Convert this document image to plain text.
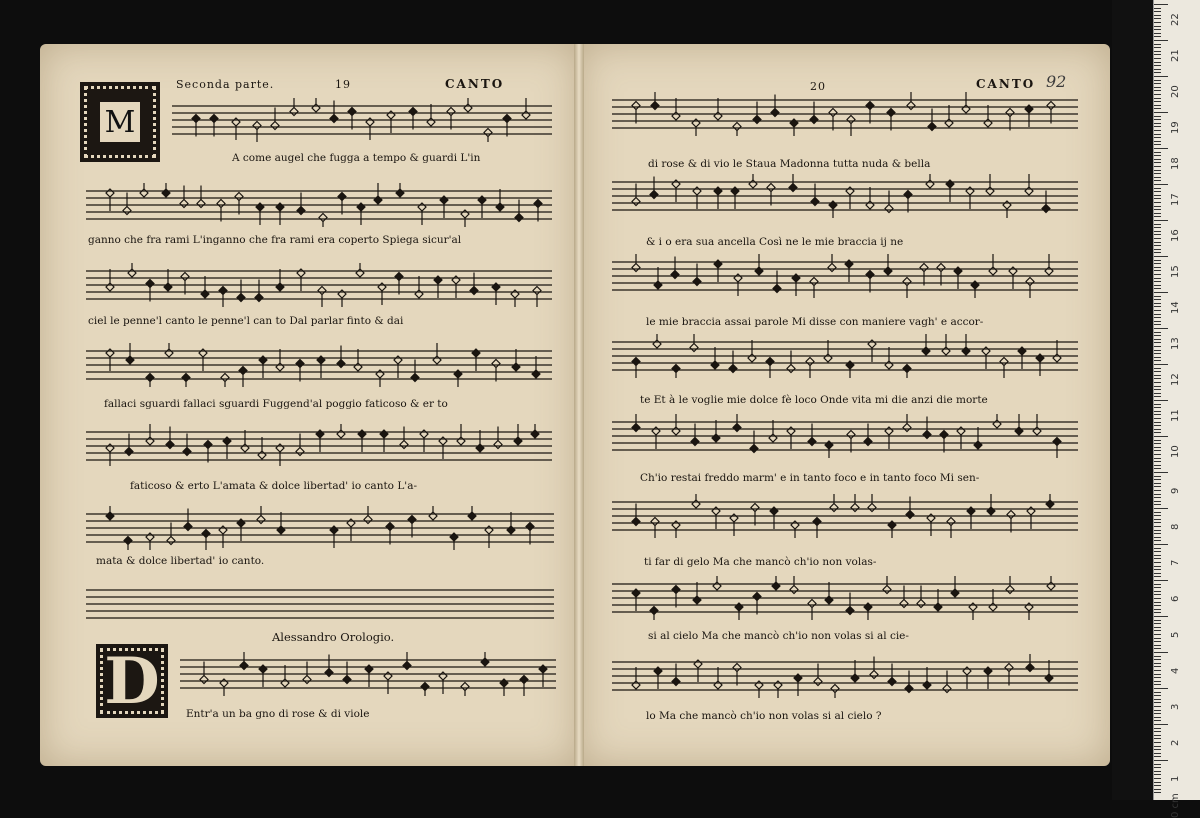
M
Seconda parte.	19	CANTO
A come augel che fugga a tempo & guardi L'in
ganno che fra rami L'inganno che fra rami era coperto Spiega sicur'al
ciel le penne'l canto le penne'l can to Dal parlar finto & dai
fallaci sguardi fallaci sguardi Fuggend'al poggio faticoso & er to
faticoso & erto L'amata & dolce libertad' io canto L'a-
mata & dolce libertad' io canto.
Alessandro Orologio.
D	Entr'a un ba gno di rose & di viole
20	CANTO 92
di rose & di vio le Staua Madonna tutta nuda & bella
& i o era sua ancella Così ne le mie braccia ij ne
le mie braccia assai parole Mi disse con maniere vagh' e accor-
te Et à le voglie mie dolce fè loco Onde vita mi die anzi die morte
Ch'io restai freddo marm' e in tanto foco e in tanto foco Mi sen-
ti far di gelo Ma che mancò ch'io non volas-
si al cielo Ma che mancò ch'io non volas si al cie-
lo Ma che mancò ch'io non volas si al cielo ?
22
21
20
19
18
17
16
15
14
13
12
11
10
9
8
7
6
5
4
3
2
1
0 cm
